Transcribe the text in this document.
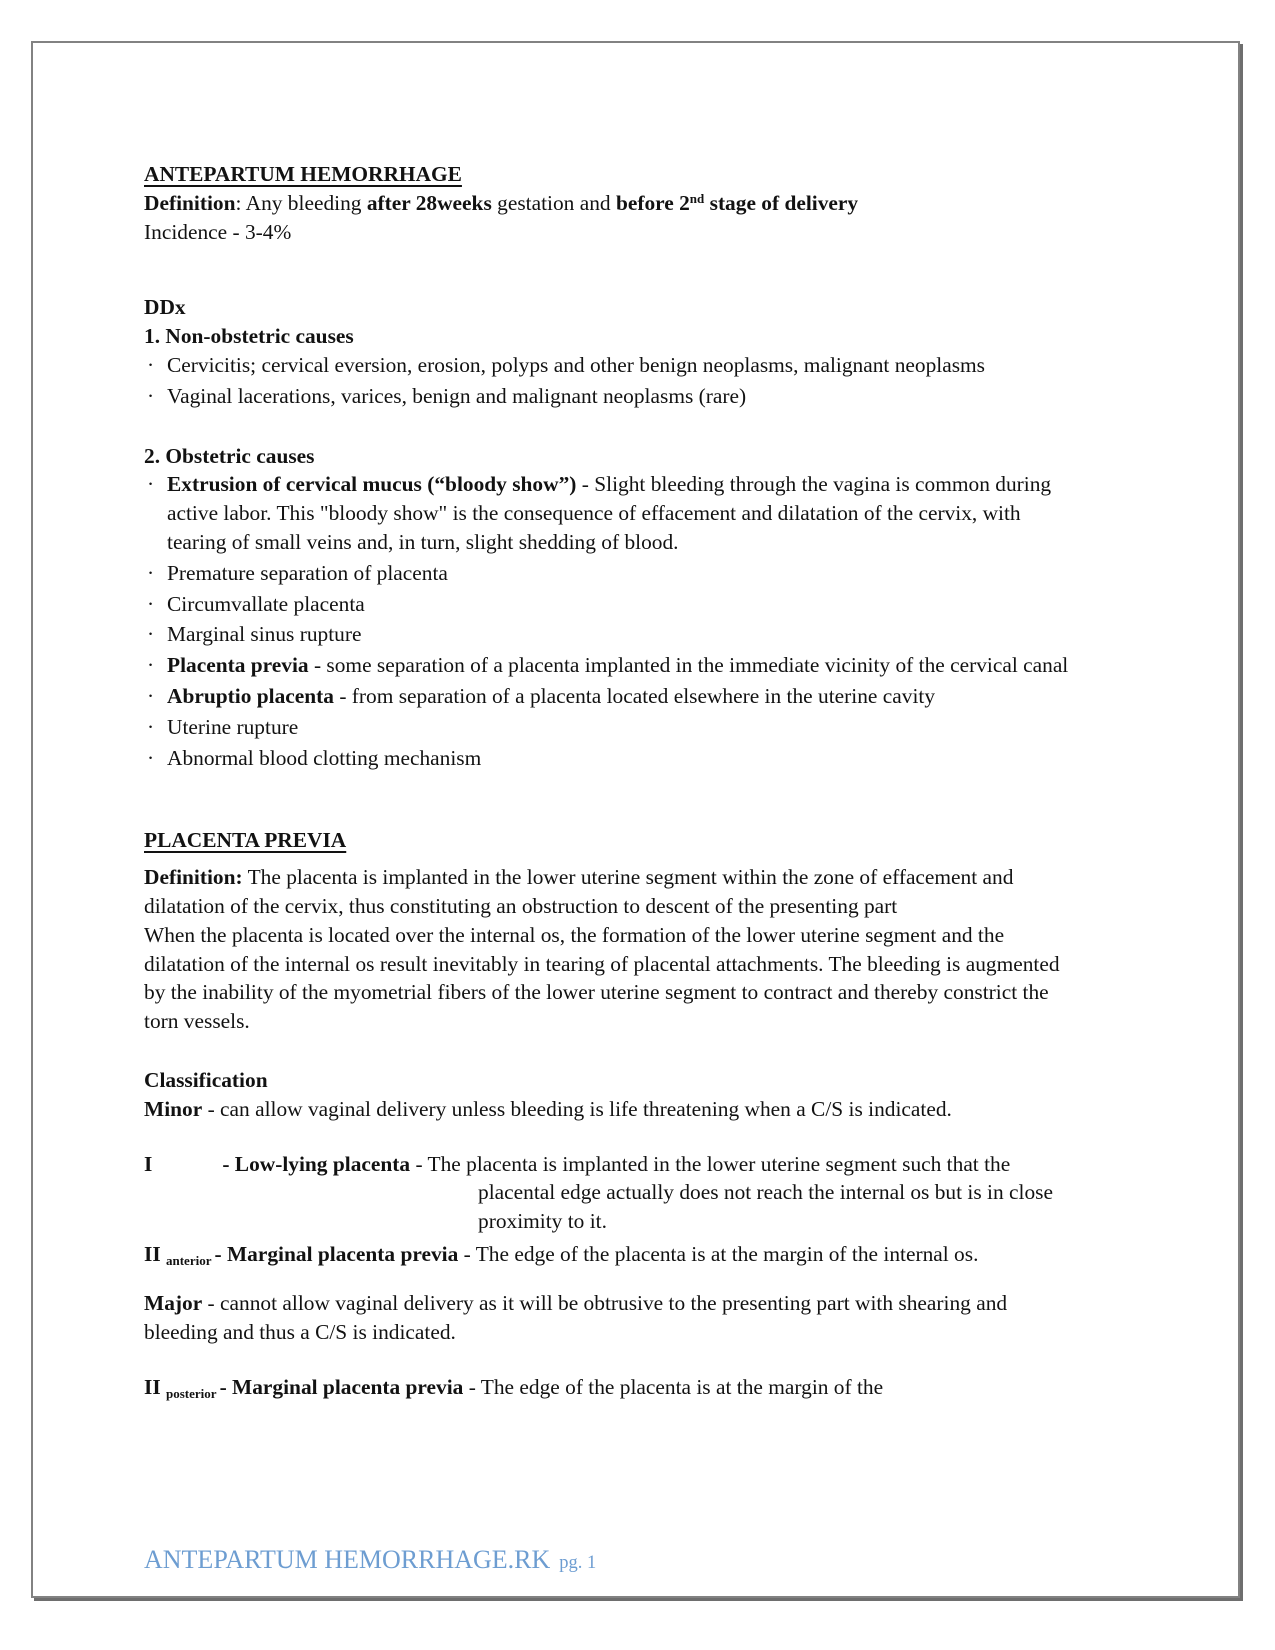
ANTEPARTUM HEMORRHAGE
Definition: Any bleeding after 28weeks gestation and before 2nd stage of delivery
Incidence - 3-4%
DDx
1. Non-obstetric causes
· Cervicitis; cervical eversion, erosion, polyps and other benign neoplasms, malignant neoplasms
· Vaginal lacerations, varices, benign and malignant neoplasms (rare)
2. Obstetric causes
· Extrusion of cervical mucus (“bloody show”) - Slight bleeding through the vagina is common during active labor. This "bloody show" is the consequence of effacement and dilatation of the cervix, with tearing of small veins and, in turn, slight shedding of blood.
· Premature separation of placenta
· Circumvallate placenta
· Marginal sinus rupture
· Placenta previa - some separation of a placenta implanted in the immediate vicinity of the cervical canal
· Abruptio placenta - from separation of a placenta located elsewhere in the uterine cavity
· Uterine rupture
· Abnormal blood clotting mechanism
PLACENTA PREVIA
Definition: The placenta is implanted in the lower uterine segment within the zone of effacement and dilatation of the cervix, thus constituting an obstruction to descent of the presenting part
When the placenta is located over the internal os, the formation of the lower uterine segment and the dilatation of the internal os result inevitably in tearing of placental attachments. The bleeding is augmented by the inability of the myometrial fibers of the lower uterine segment to contract and thereby constrict the torn vessels.
Classification
Minor - can allow vaginal delivery unless bleeding is life threatening when a C/S is indicated.
I	- Low-lying placenta - The placenta is implanted in the lower uterine segment such that the placental edge actually does not reach the internal os but is in close proximity to it.
II $_{anterior}$ - Marginal placenta previa - The edge of the placenta is at the margin of the internal os.
Major - cannot allow vaginal delivery as it will be obtrusive to the presenting part with shearing and bleeding and thus a C/S is indicated.
II $_{posterior}$ - Marginal placenta previa - The edge of the placenta is at the margin of the
ANTEPARTUM HEMORRHAGE.RK pg. 1
